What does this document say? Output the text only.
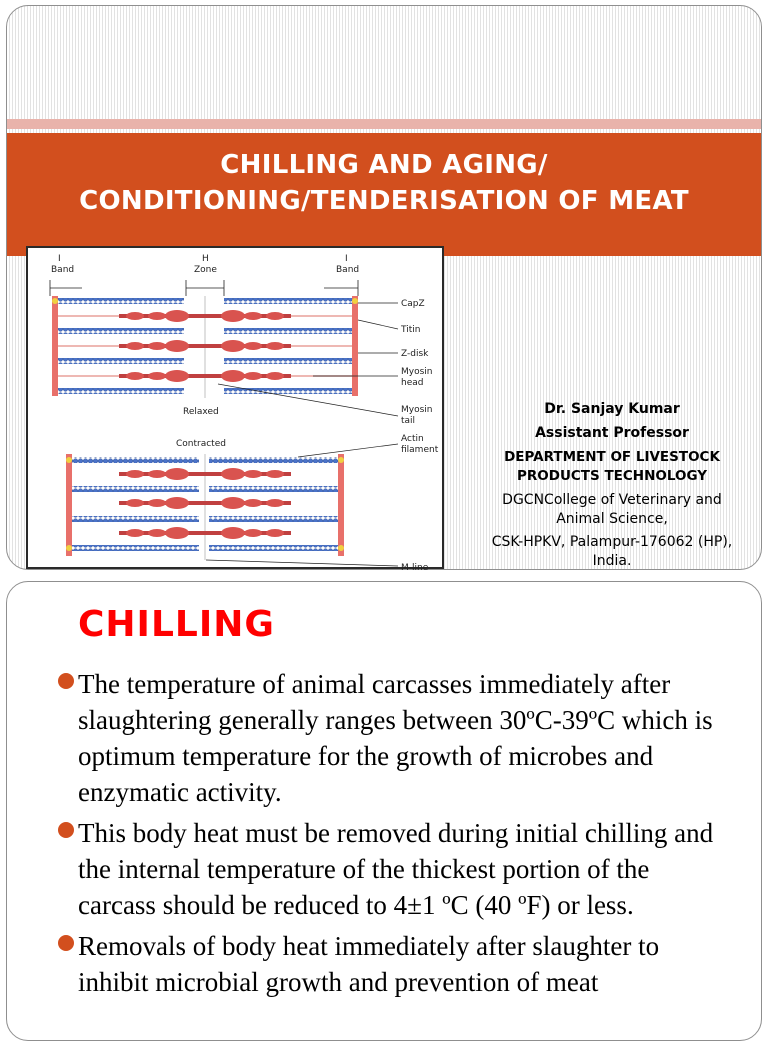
CHILLING AND AGING/ CONDITIONING/TENDERISATION OF MEAT
I Band
H Zone
I Band
Relaxed
CapZ
Titin
Z-disk
Myosin head
Myosin tail
Actin filament
M-line
Contracted
Dr. Sanjay Kumar
Assistant Professor
DEPARTMENT OF LIVESTOCK PRODUCTS TECHNOLOGY
DGCNCollege of Veterinary and Animal Science,
CSK-HPKV, Palampur-176062 (HP), India.
CHILLING
The temperature of animal carcasses immediately after slaughtering generally ranges between 30ºC-39ºC which is optimum temperature for the growth of microbes and enzymatic activity.
This body heat must be removed during initial chilling and the internal temperature of the thickest portion of the carcass should be reduced to 4±1 ºC (40 ºF) or less.
Removals of body heat immediately after slaughter to inhibit microbial growth and prevention of meat
